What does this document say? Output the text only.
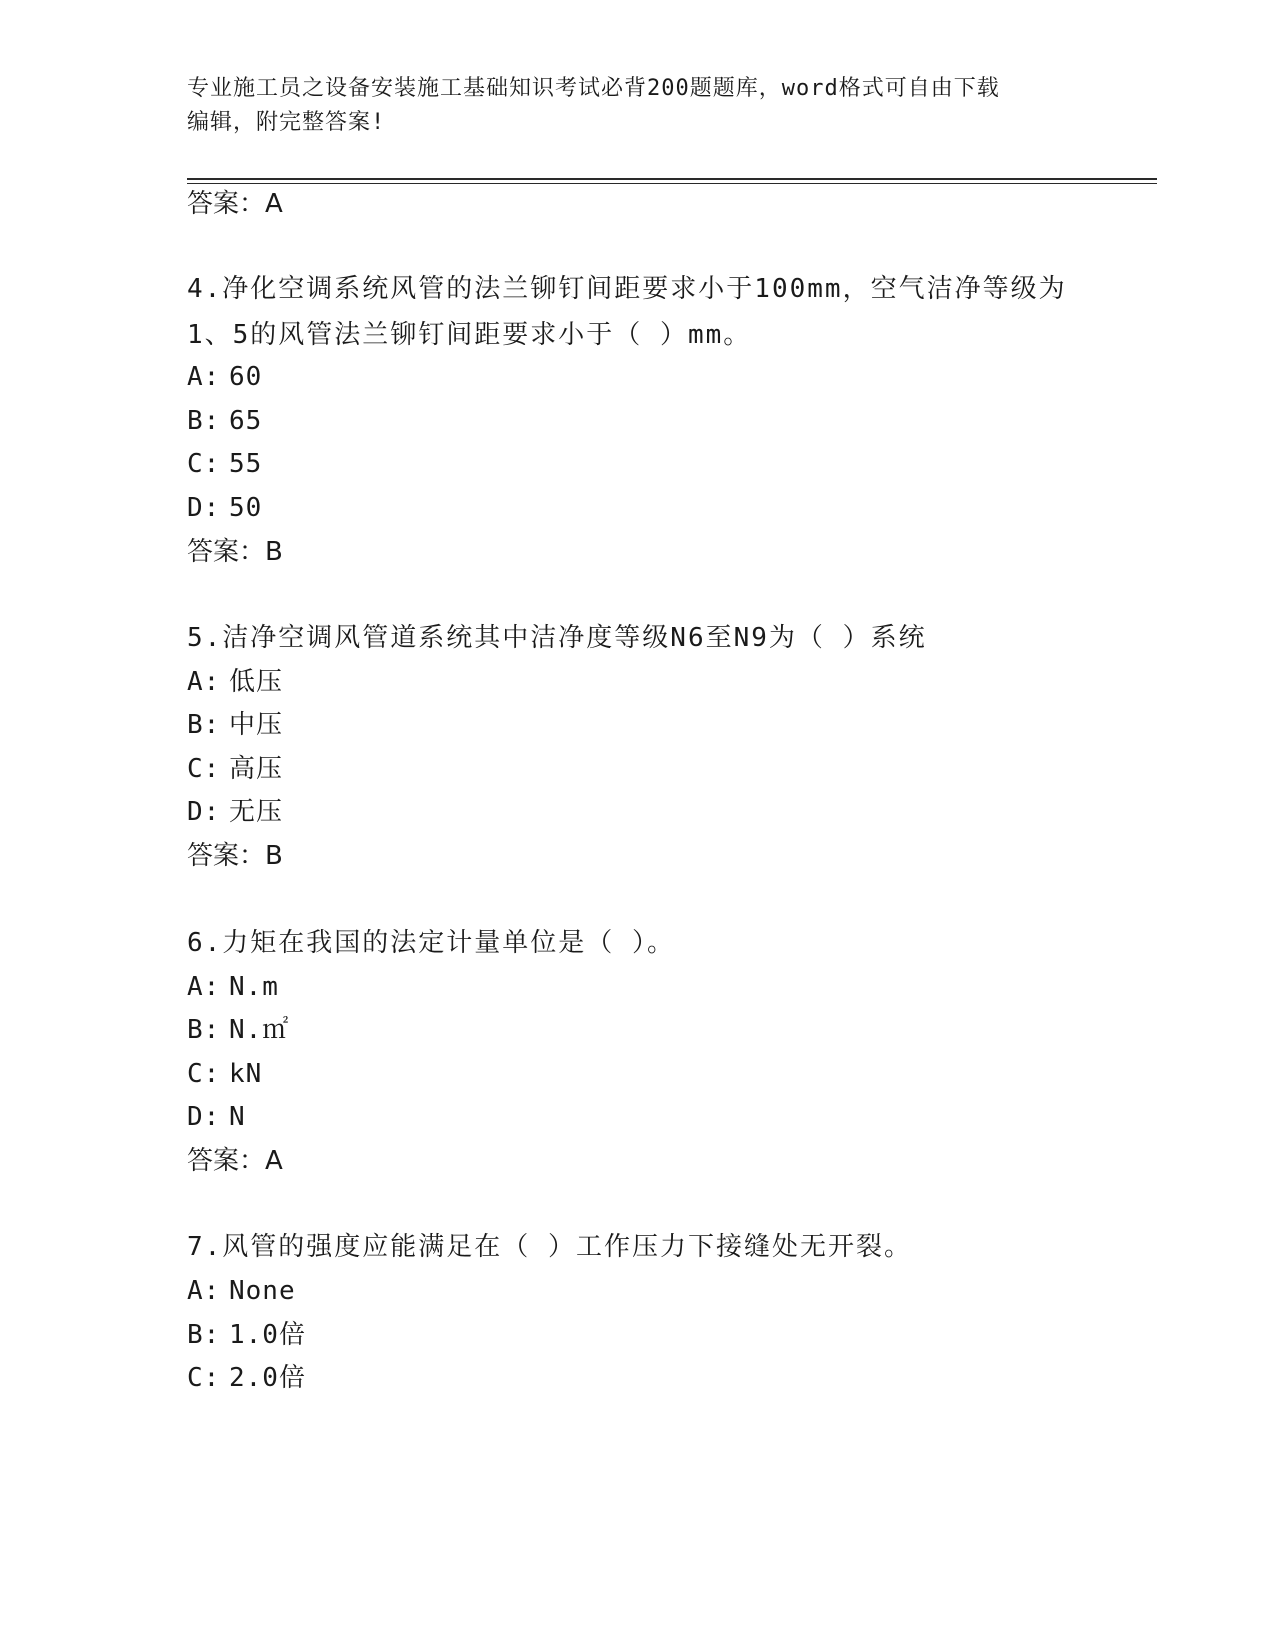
专业施工员之设备安装施工基础知识考试必背200题题库，word格式可自由下载
编辑，附完整答案!
答案：A
4.净化空调系统风管的法兰铆钉间距要求小于100mm，空气洁净等级为
1、5的风管法兰铆钉间距要求小于（ ）mm。
A: 60
B: 65
C: 55
D: 50
答案：B
5.洁净空调风管道系统其中洁净度等级N6至N9为（ ）系统
A: 低压
B: 中压
C: 高压
D: 无压
答案：B
6.力矩在我国的法定计量单位是（ ）。
A: N.m
B: N.㎡
C: kN
D: N
答案：A
7.风管的强度应能满足在（ ）工作压力下接缝处无开裂。
A: None
B: 1.0倍
C: 2.0倍
